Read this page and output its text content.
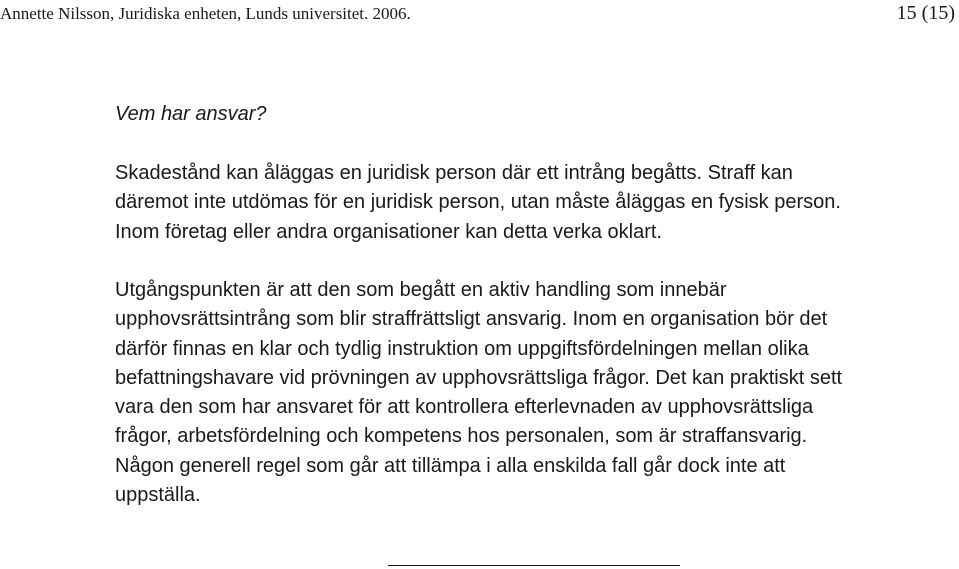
Annette Nilsson, Juridiska enheten, Lunds universitet. 2006.	15 (15)
Vem har ansvar?

Skadestånd kan åläggas en juridisk person där ett intrång begåtts. Straff kan
däremot inte utdömas för en juridisk person, utan måste åläggas en fysisk person.
Inom företag eller andra organisationer kan detta verka oklart.

Utgångspunkten är att den som begått en aktiv handling som innebär
upphovsrättsintrång som blir straffrättsligt ansvarig. Inom en organisation bör det
därför finnas en klar och tydlig instruktion om uppgiftsfördelningen mellan olika
befattningshavare vid prövningen av upphovsrättsliga frågor. Det kan praktiskt sett
vara den som har ansvaret för att kontrollera efterlevnaden av upphovsrättsliga
frågor, arbetsfördelning och kompetens hos personalen, som är straffansvarig.
Någon generell regel som går att tillämpa i alla enskilda fall går dock inte att
uppställa.
